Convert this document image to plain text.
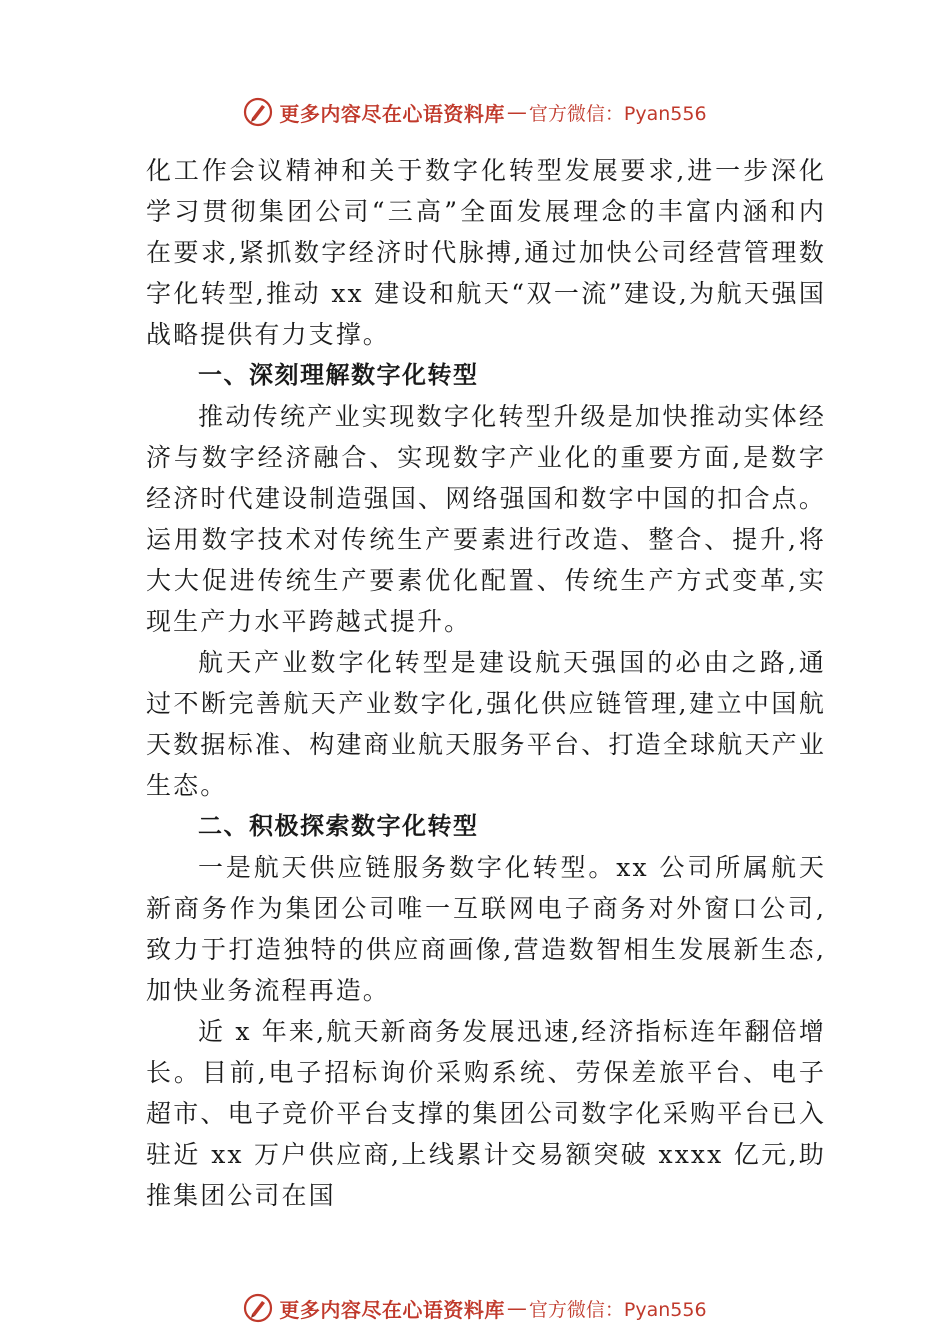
更多内容尽在心语资料库 — 官方微信：Pyan556

化工作会议精神和关于数字化转型发展要求,进一步深化学习贯彻集团公司“三高”全面发展理念的丰富内涵和内在要求,紧抓数字经济时代脉搏,通过加快公司经营管理数字化转型,推动 xx 建设和航天“双一流”建设,为航天强国战略提供有力支撑。

一、深刻理解数字化转型

推动传统产业实现数字化转型升级是加快推动实体经济与数字经济融合、实现数字产业化的重要方面,是数字经济时代建设制造强国、网络强国和数字中国的扣合点。运用数字技术对传统生产要素进行改造、整合、提升,将大大促进传统生产要素优化配置、传统生产方式变革,实现生产力水平跨越式提升。

航天产业数字化转型是建设航天强国的必由之路,通过不断完善航天产业数字化,强化供应链管理,建立中国航天数据标准、构建商业航天服务平台、打造全球航天产业生态。

二、积极探索数字化转型

一是航天供应链服务数字化转型。xx 公司所属航天新商务作为集团公司唯一互联网电子商务对外窗口公司,致力于打造独特的供应商画像,营造数智相生发展新生态,加快业务流程再造。

近 x 年来,航天新商务发展迅速,经济指标连年翻倍增长。目前,电子招标询价采购系统、劳保差旅平台、电子超市、电子竞价平台支撑的集团公司数字化采购平台已入驻近 xx 万户供应商,上线累计交易额突破 xxxx 亿元,助推集团公司在国

更多内容尽在心语资料库 — 官方微信：Pyan556
